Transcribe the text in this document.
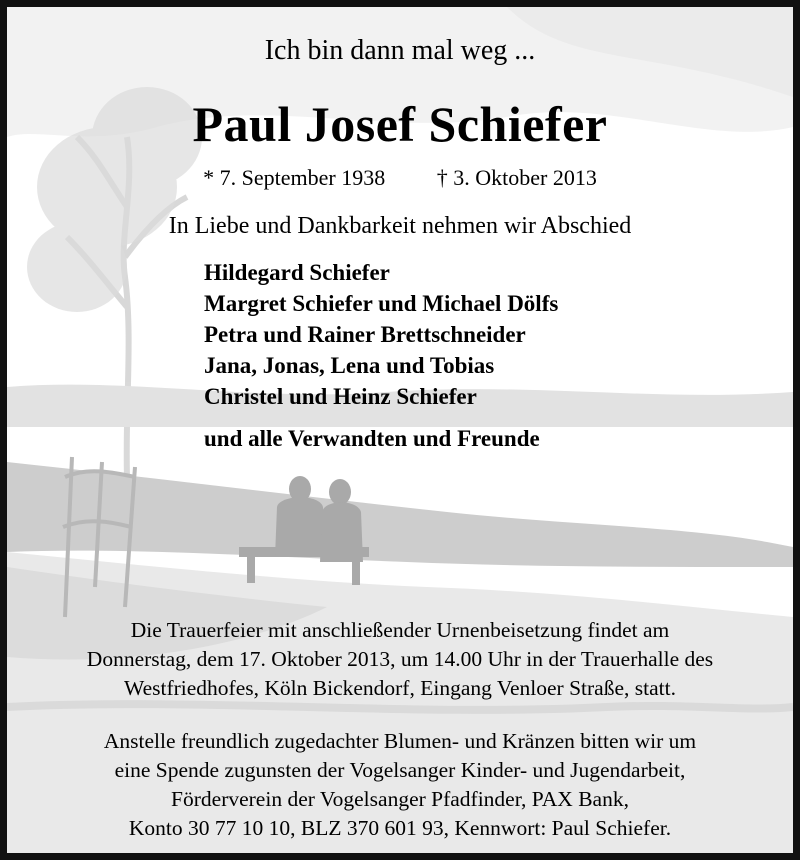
Ich bin dann mal weg ...
Paul Josef Schiefer
* 7. September 1938 † 3. Oktober 2013
In Liebe und Dankbarkeit nehmen wir Abschied
Hildegard Schiefer
Margret Schiefer und Michael Dölfs
Petra und Rainer Brettschneider
Jana, Jonas, Lena und Tobias
Christel und Heinz Schiefer
und alle Verwandten und Freunde
Die Trauerfeier mit anschließender Urnenbeisetzung findet am
Donnerstag, dem 17. Oktober 2013, um 14.00 Uhr in der Trauerhalle des
Westfriedhofes, Köln Bickendorf, Eingang Venloer Straße, statt.
Anstelle freundlich zugedachter Blumen- und Kränzen bitten wir um
eine Spende zugunsten der Vogelsanger Kinder- und Jugendarbeit,
Förderverein der Vogelsanger Pfadfinder, PAX Bank,
Konto 30 77 10 10, BLZ 370 601 93, Kennwort: Paul Schiefer.
